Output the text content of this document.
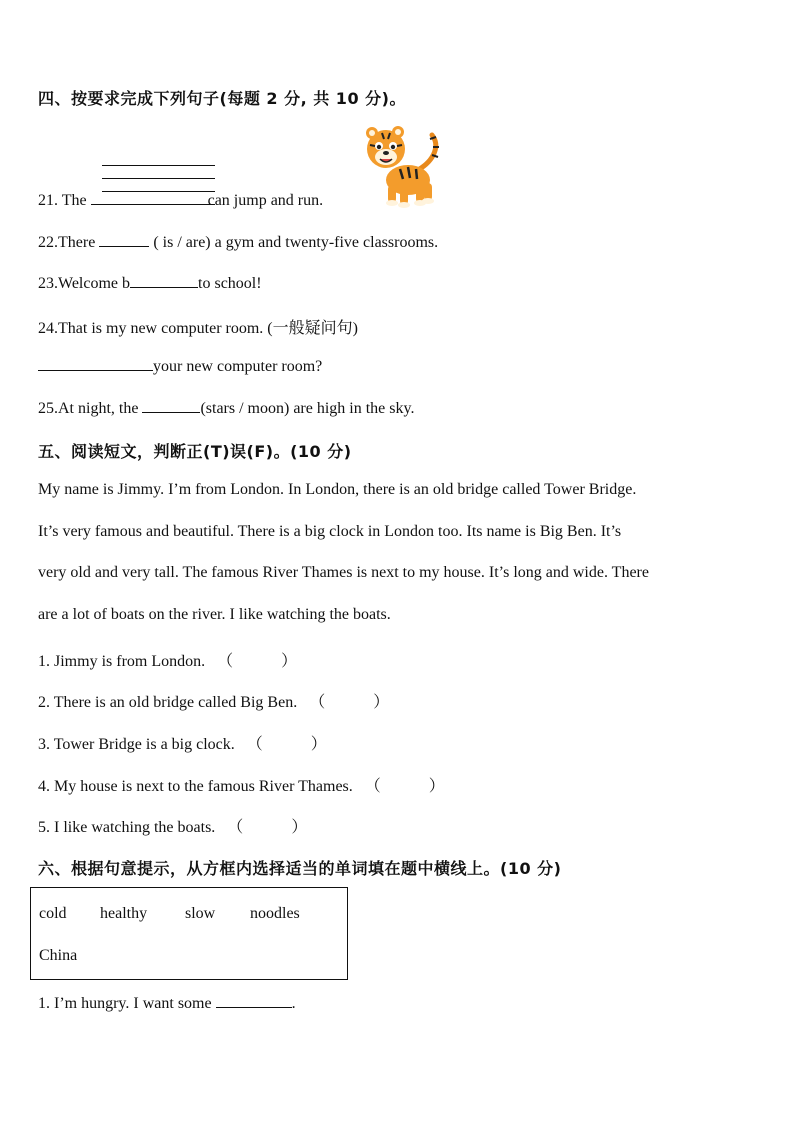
四、按要求完成下列句子(每题 2 分, 共 10 分)。
21. The	can jump and run.
22.There	( is / are) a gym and twenty-five classrooms.
23.Welcome b	to school!
24.That is my new computer room. (一般疑问句)
your new computer room?
25.At night, the	(stars / moon) are high in the sky.
五、阅读短文，判断正(T)误(F)。(10 分)
My name is Jimmy. I’m from London. In London, there is an old bridge called Tower Bridge.
It’s very famous and beautiful. There is a big clock in London too. Its name is Big Ben. It’s
very old and very tall. The famous River Thames is next to my house. It’s long and wide. There
are a lot of boats on the river. I like watching the boats.
1. Jimmy is from London. （	）
2. There is an old bridge called Big Ben. （	）
3. Tower Bridge is a big clock. （	）
4. My house is next to the famous River Thames. （	）
5. I like watching the boats. （	）
六、根据句意提示，从方框内选择适当的单词填在题中横线上。(10 分)
cold healthy slow noodles
China
1. I’m hungry. I want some	.
